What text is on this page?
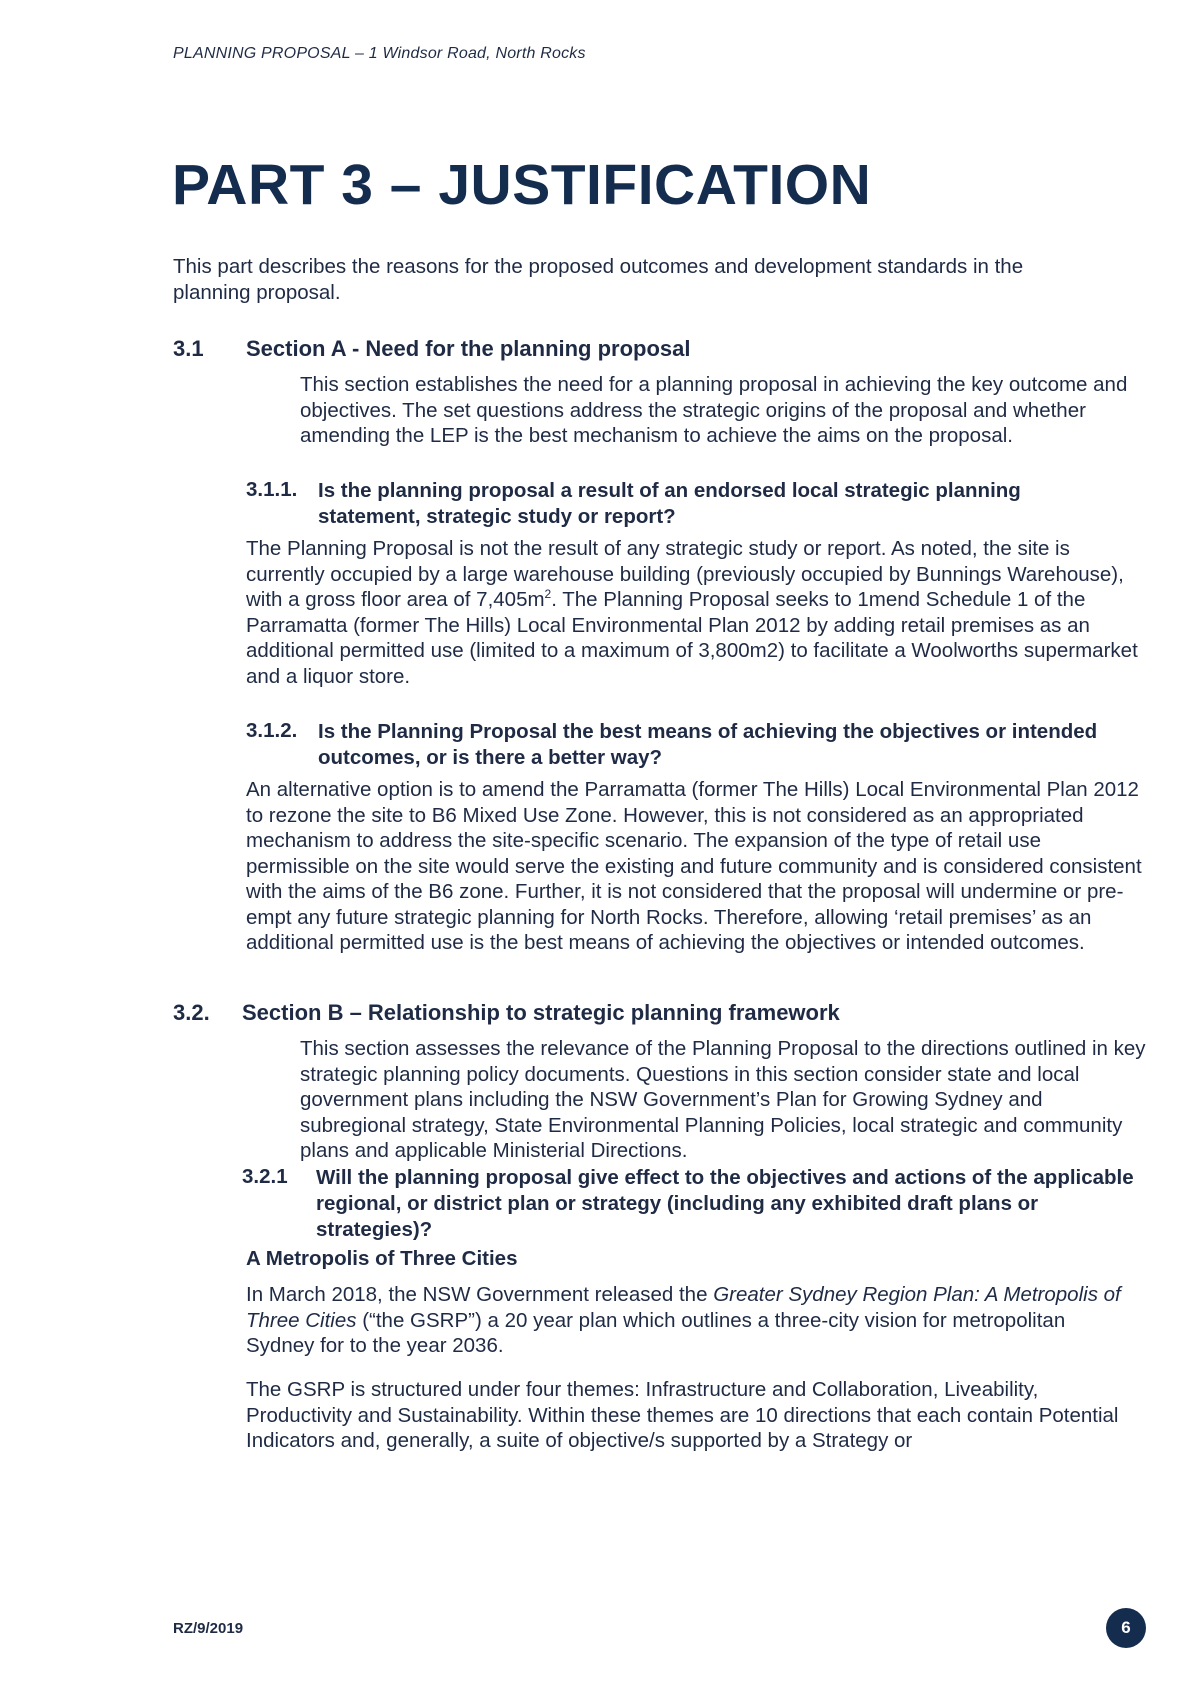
PLANNING PROPOSAL – 1 Windsor Road, North Rocks
PART 3 – JUSTIFICATION

This part describes the reasons for the proposed outcomes and development standards in the planning proposal.

3.1 Section A - Need for the planning proposal

This section establishes the need for a planning proposal in achieving the key outcome and objectives. The set questions address the strategic origins of the proposal and whether amending the LEP is the best mechanism to achieve the aims on the proposal.

3.1.1. Is the planning proposal a result of an endorsed local strategic planning statement, strategic study or report?

The Planning Proposal is not the result of any strategic study or report. As noted, the site is currently occupied by a large warehouse building (previously occupied by Bunnings Warehouse), with a gross floor area of $7,405m^2$. The Planning Proposal seeks to 1mend Schedule 1 of the Parramatta (former The Hills) Local Environmental Plan 2012 by adding retail premises as an additional permitted use (limited to a maximum of 3,800m2) to facilitate a Woolworths supermarket and a liquor store.

3.1.2. Is the Planning Proposal the best means of achieving the objectives or intended outcomes, or is there a better way?

An alternative option is to amend the Parramatta (former The Hills) Local Environmental Plan 2012 to rezone the site to B6 Mixed Use Zone. However, this is not considered as an appropriated mechanism to address the site-specific scenario. The expansion of the type of retail use permissible on the site would serve the existing and future community and is considered consistent with the aims of the B6 zone. Further, it is not considered that the proposal will undermine or pre-empt any future strategic planning for North Rocks. Therefore, allowing ‘retail premises’ as an additional permitted use is the best means of achieving the objectives or intended outcomes.

3.2. Section B – Relationship to strategic planning framework

This section assesses the relevance of the Planning Proposal to the directions outlined in key strategic planning policy documents. Questions in this section consider state and local government plans including the NSW Government’s Plan for Growing Sydney and subregional strategy, State Environmental Planning Policies, local strategic and community plans and applicable Ministerial Directions.

3.2.1 Will the planning proposal give effect to the objectives and actions of the applicable regional, or district plan or strategy (including any exhibited draft plans or strategies)?

A Metropolis of Three Cities

In March 2018, the NSW Government released the Greater Sydney Region Plan: A Metropolis of Three Cities (“the GSRP”) a 20 year plan which outlines a three-city vision for metropolitan Sydney for to the year 2036.

The GSRP is structured under four themes: Infrastructure and Collaboration, Liveability, Productivity and Sustainability. Within these themes are 10 directions that each contain Potential Indicators and, generally, a suite of objective/s supported by a Strategy or

RZ/9/2019	6
